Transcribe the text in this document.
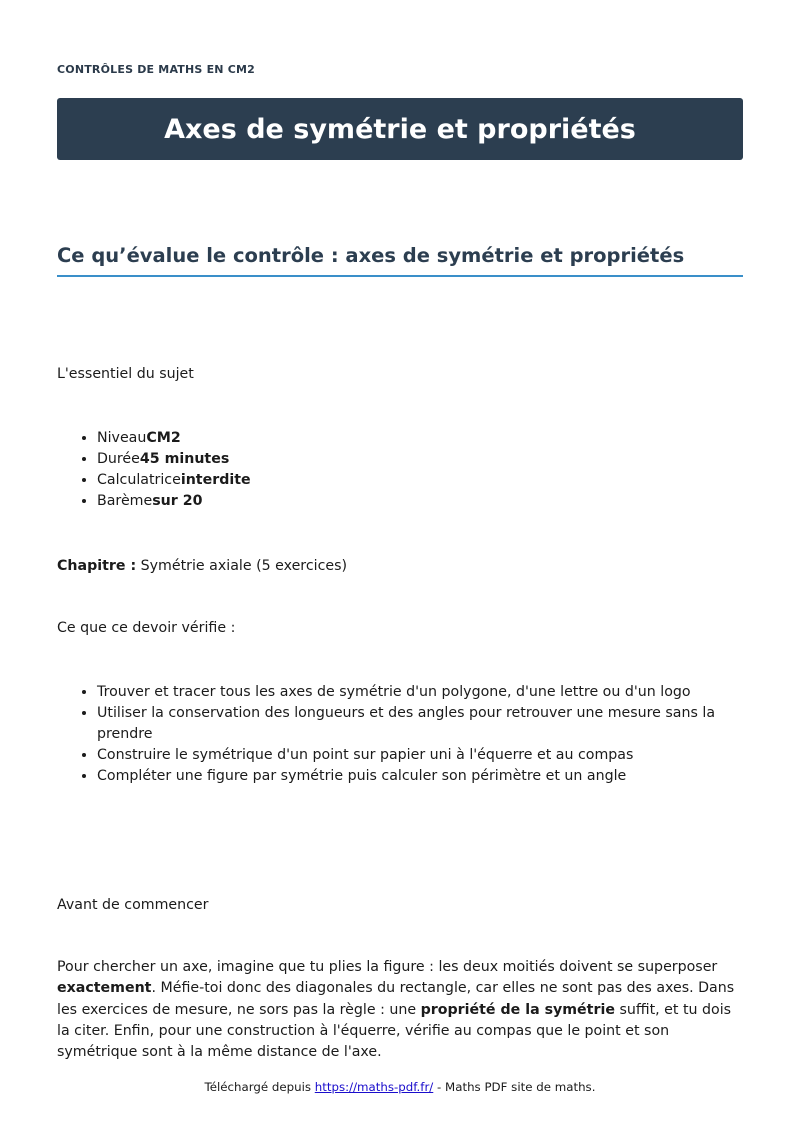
CONTRÔLES DE MATHS EN CM2
Axes de symétrie et propriétés
Ce qu’évalue le contrôle : axes de symétrie et propriétés
L'essentiel du sujet
• NiveauCM2
• Durée45 minutes
• Calculatriceinterdite
• Barèmesur 20
Chapitre : Symétrie axiale (5 exercices)
Ce que ce devoir vérifie :
• Trouver et tracer tous les axes de symétrie d'un polygone, d'une lettre ou d'un logo
• Utiliser la conservation des longueurs et des angles pour retrouver une mesure sans la prendre
• Construire le symétrique d'un point sur papier uni à l'équerre et au compas
• Compléter une figure par symétrie puis calculer son périmètre et un angle
Avant de commencer

Pour chercher un axe, imagine que tu plies la figure : les deux moitiés doivent se superposer exactement. Méfie-toi donc des diagonales du rectangle, car elles ne sont pas des axes. Dans les exercices de mesure, ne sors pas la règle : une propriété de la symétrie suffit, et tu dois la citer. Enfin, pour une construction à l'équerre, vérifie au compas que le point et son symétrique sont à la même distance de l'axe.

Téléchargé depuis https://maths-pdf.fr/ - Maths PDF site de maths.
